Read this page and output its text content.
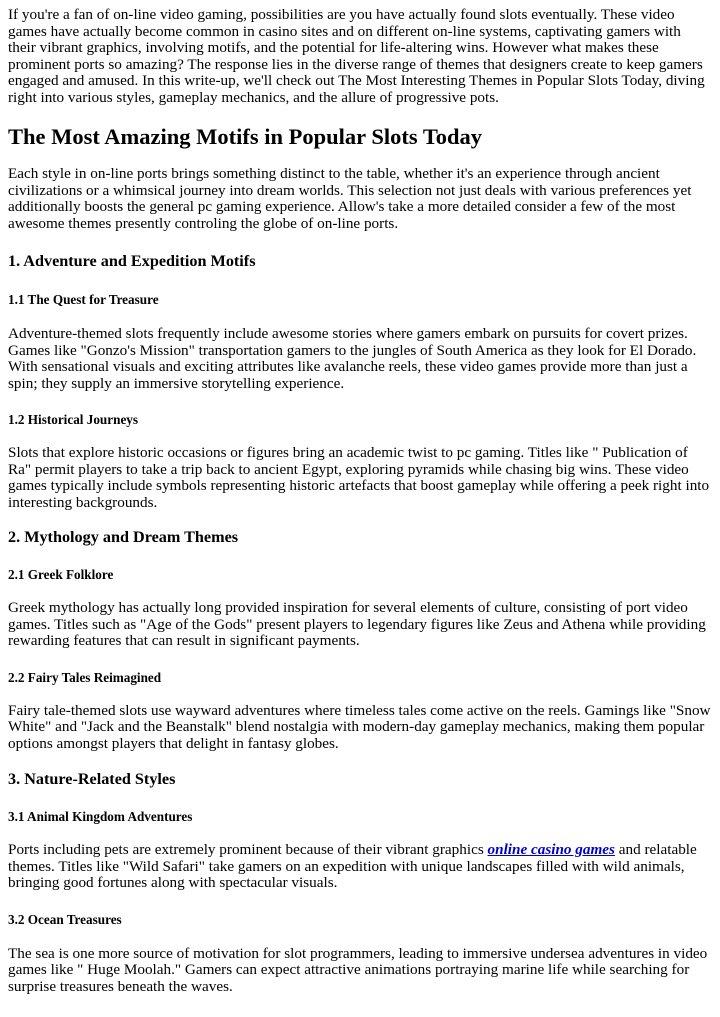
If you're a fan of on-line video gaming, possibilities are you have actually found slots eventually. These video games have actually become common in casino sites and on different on-line systems, captivating gamers with their vibrant graphics, involving motifs, and the potential for life-altering wins. However what makes these prominent ports so amazing? The response lies in the diverse range of themes that designers create to keep gamers engaged and amused. In this write-up, we'll check out The Most Interesting Themes in Popular Slots Today, diving right into various styles, gameplay mechanics, and the allure of progressive pots.

The Most Amazing Motifs in Popular Slots Today

Each style in on-line ports brings something distinct to the table, whether it's an experience through ancient civilizations or a whimsical journey into dream worlds. This selection not just deals with various preferences yet additionally boosts the general pc gaming experience. Allow's take a more detailed consider a few of the most awesome themes presently controling the globe of on-line ports.

1. Adventure and Expedition Motifs
1.1 The Quest for Treasure

Adventure-themed slots frequently include awesome stories where gamers embark on pursuits for covert prizes. Games like "Gonzo's Mission" transportation gamers to the jungles of South America as they look for El Dorado. With sensational visuals and exciting attributes like avalanche reels, these video games provide more than just a spin; they supply an immersive storytelling experience.

1.2 Historical Journeys

Slots that explore historic occasions or figures bring an academic twist to pc gaming. Titles like " Publication of Ra" permit players to take a trip back to ancient Egypt, exploring pyramids while chasing big wins. These video games typically include symbols representing historic artefacts that boost gameplay while offering a peek right into interesting backgrounds.

2. Mythology and Dream Themes
2.1 Greek Folklore

Greek mythology has actually long provided inspiration for several elements of culture, consisting of port video games. Titles such as "Age of the Gods" present players to legendary figures like Zeus and Athena while providing rewarding features that can result in significant payments.

2.2 Fairy Tales Reimagined

Fairy tale-themed slots use wayward adventures where timeless tales come active on the reels. Gamings like "Snow White" and "Jack and the Beanstalk" blend nostalgia with modern-day gameplay mechanics, making them popular options amongst players that delight in fantasy globes.

3. Nature-Related Styles
3.1 Animal Kingdom Adventures

Ports including pets are extremely prominent because of their vibrant graphics online casino games and relatable themes. Titles like "Wild Safari" take gamers on an expedition with unique landscapes filled with wild animals, bringing good fortunes along with spectacular visuals.

3.2 Ocean Treasures

The sea is one more source of motivation for slot programmers, leading to immersive undersea adventures in video games like " Huge Moolah." Gamers can expect attractive animations portraying marine life while searching for surprise treasures beneath the waves.
